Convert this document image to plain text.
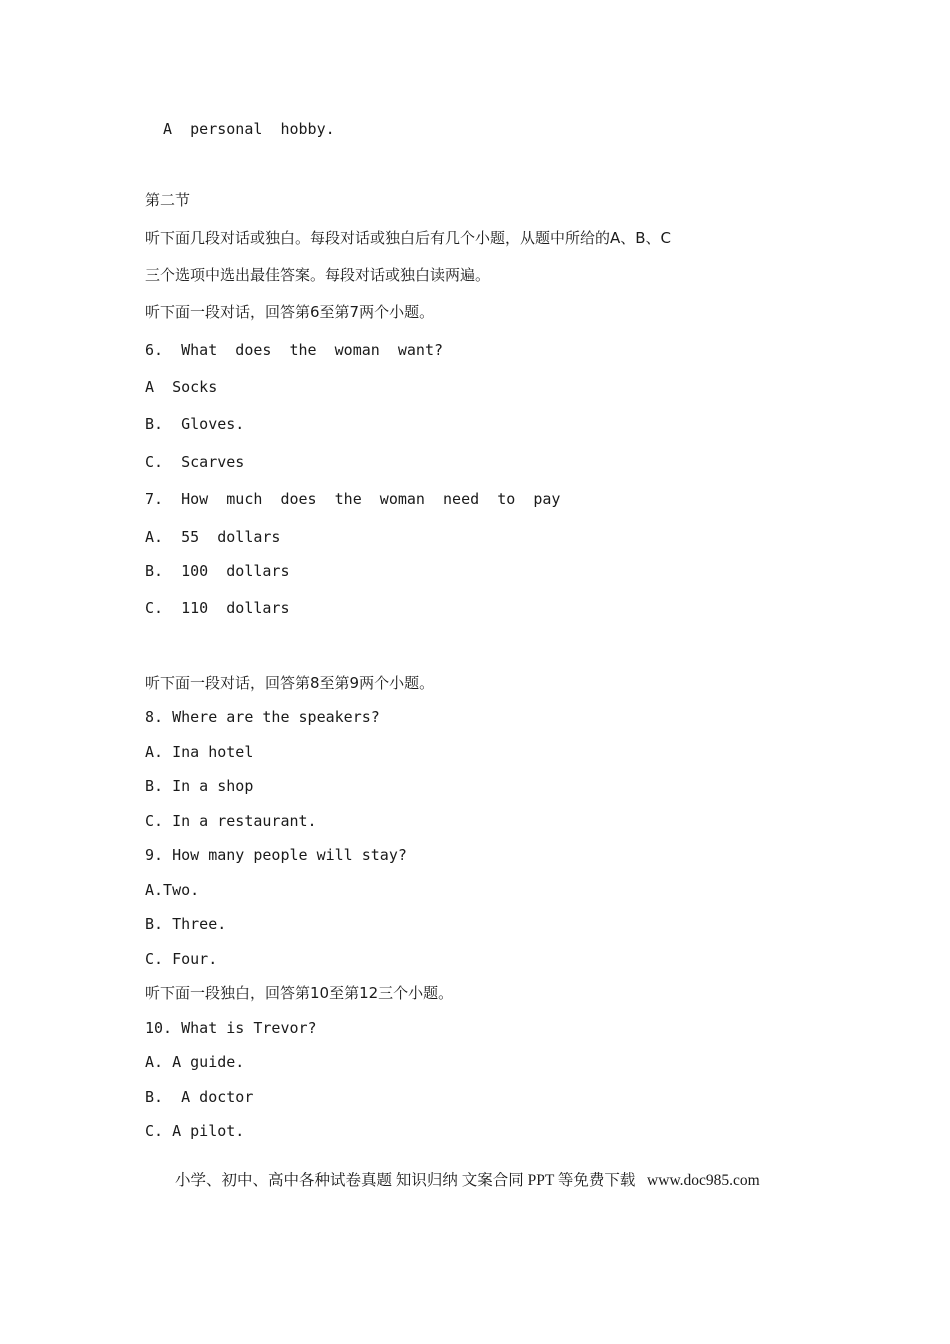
A  personal  hobby.
第二节
听下面几段对话或独白。每段对话或独白后有几个小题，从题中所给的A、B、C
三个选项中选出最佳答案。每段对话或独白读两遍。
听下面一段对话，回答第6至第7两个小题。
6.  What  does  the  woman  want?
A  Socks
B.  Gloves.
C.  Scarves
7.  How  much  does  the  woman  need  to  pay
A.  55  dollars
B.  100  dollars
C.  110  dollars
听下面一段对话，回答第8至第9两个小题。
8. Where are the speakers?
A. Ina hotel
B. In a shop
C. In a restaurant.
9. How many people will stay?
A.Two.
B. Three.
C. Four.
听下面一段独白，回答第10至第12三个小题。
10. What is Trevor?
A. A guide.
B.  A doctor
C. A pilot.
小学、初中、高中各种试卷真题 知识归纳 文案合同 PPT 等免费下载   www.doc985.com
